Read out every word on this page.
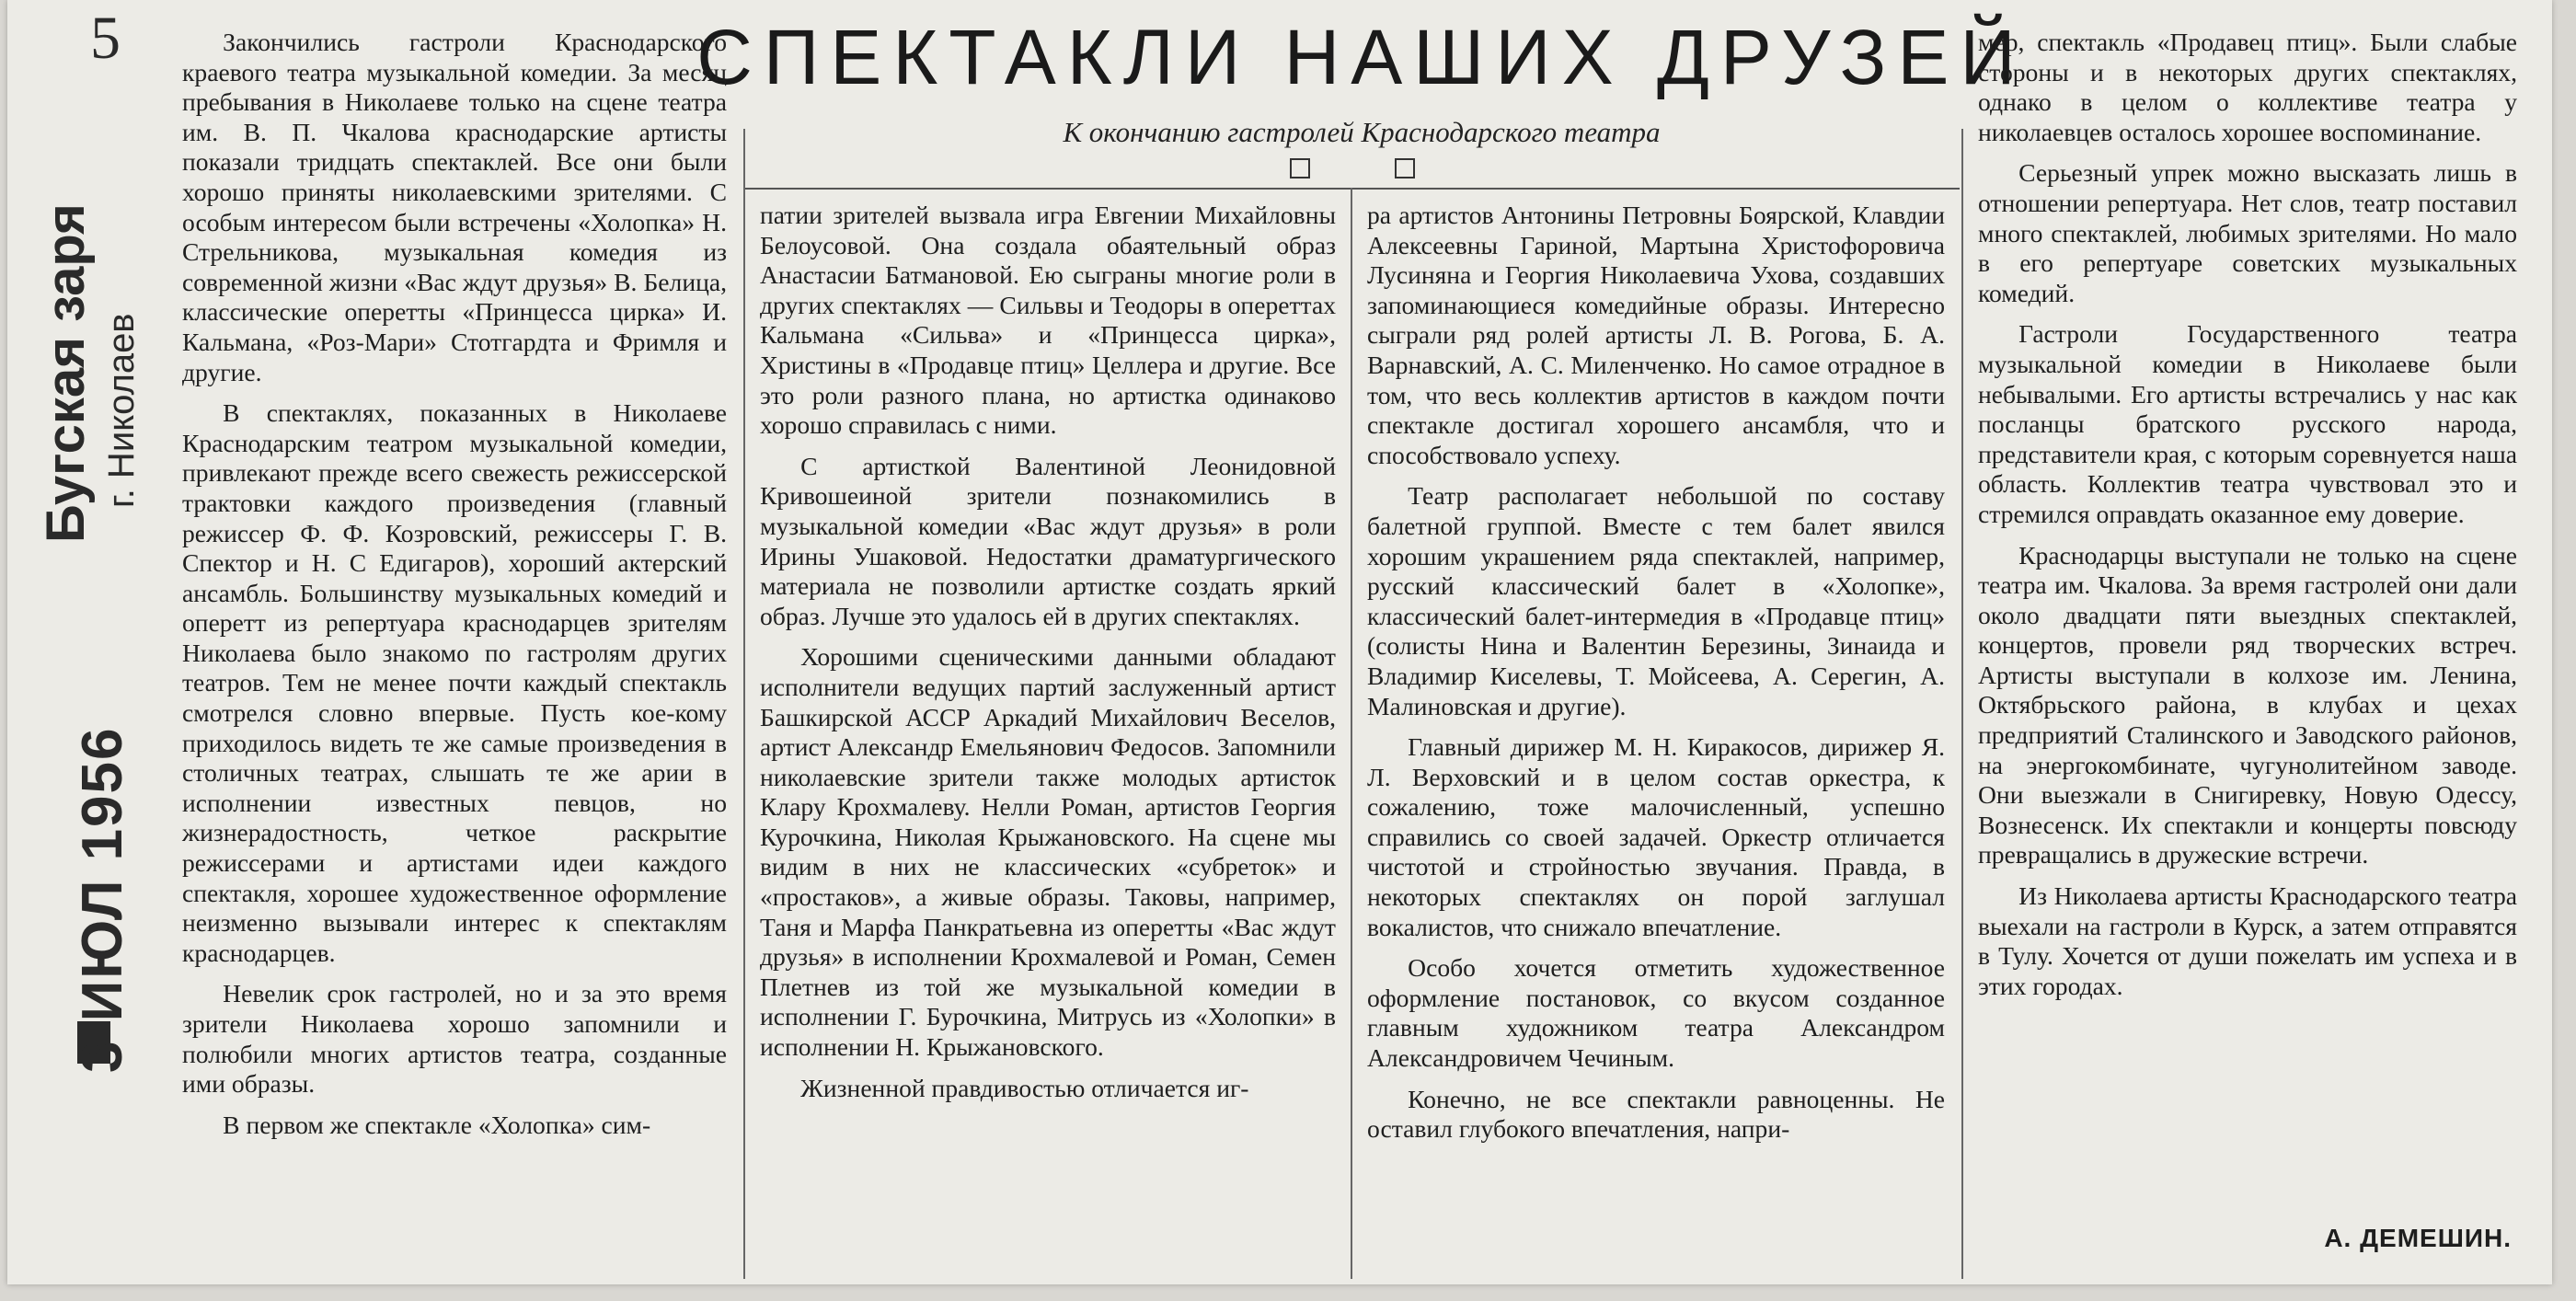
5
Бугская заря г. Николаев
3 ИЮЛ 1956
СПЕКТАКЛИ НАШИХ ДРУЗЕЙ
К окончанию гастролей Краснодарского театра

Закончились гастроли Краснодарского краевого театра музыкальной комедии. За месяц пребывания в Николаеве только на сцене театра им. В. П. Чкалова краснодарские артисты показали тридцать спектаклей. Все они были хорошо приняты николаевскими зрителями. С особым интересом были встречены «Холопка» Н. Стрельникова, музыкальная комедия из современной жизни «Вас ждут друзья» В. Белица, классические оперетты «Принцесса цирка» И. Кальмана, «Роз-Мари» Стотгардта и Фримля и другие.

В спектаклях, показанных в Николаеве Краснодарским театром музыкальной комедии, привлекают прежде всего свежесть режиссерской трактовки каждого произведения (главный режиссер Ф. Ф. Козровский, режиссеры Г. В. Спектор и Н. С Едигаров), хороший актерский ансамбль. Большинству музыкальных комедий и оперетт из репертуара краснодарцев зрителям Николаева было знакомо по гастролям других театров. Тем не менее почти каждый спектакль смотрелся словно впервые. Пусть кое-кому приходилось видеть те же самые произведения в столичных театрах, слышать те же арии в исполнении известных певцов, но жизнерадостность, четкое раскрытие режиссерами и артистами идеи каждого спектакля, хорошее художественное оформление неизменно вызывали интерес к спектаклям краснодарцев.

Невелик срок гастролей, но и за это время зрители Николаева хорошо запомнили и полюбили многих артистов театра, созданные ими образы.

В первом же спектакле «Холопка» сим-

патии зрителей вызвала игра Евгении Михайловны Белоусовой. Она создала обаятельный образ Анастасии Батмановой. Ею сыграны многие роли в других спектаклях — Сильвы и Теодоры в опереттах Кальмана «Сильва» и «Принцесса цирка», Христины в «Продавце птиц» Целлера и другие. Все это роли разного плана, но артистка одинаково хорошо справилась с ними.

С артисткой Валентиной Леонидовной Кривошеиной зрители познакомились в музыкальной комедии «Вас ждут друзья» в роли Ирины Ушаковой. Недостатки драматургического материала не позволили артистке создать яркий образ. Лучше это удалось ей в других спектаклях.

Хорошими сценическими данными обладают исполнители ведущих партий заслуженный артист Башкирской АССР Аркадий Михайлович Веселов, артист Александр Емельянович Федосов. Запомнили николаевские зрители также молодых артисток Клару Крохмалеву. Нелли Роман, артистов Георгия Курочкина, Николая Крыжановского. На сцене мы видим в них не классических «субреток» и «простаков», а живые образы. Таковы, например, Таня и Марфа Панкратьевна из оперетты «Вас ждут друзья» в исполнении Крохмалевой и Роман, Семен Плетнев из той же музыкальной комедии в исполнении Г. Бурочкина, Митрусь из «Холопки» в исполнении Н. Крыжановского.

Жизненной правдивостью отличается иг-

ра артистов Антонины Петровны Боярской, Клавдии Алексеевны Гариной, Мартына Христофоровича Лусиняна и Георгия Николаевича Ухова, создавших запоминающиеся комедийные образы. Интересно сыграли ряд ролей артисты Л. В. Рогова, Б. А. Варнавский, А. С. Миленченко. Но самое отрадное в том, что весь коллектив артистов в каждом почти спектакле достигал хорошего ансамбля, что и способствовало успеху.

Театр располагает небольшой по составу балетной группой. Вместе с тем балет явился хорошим украшением ряда спектаклей, например, русский классический балет в «Холопке», классический балет-интермедия в «Продавце птиц» (солисты Нина и Валентин Березины, Зинаида и Владимир Киселевы, Т. Мойсеева, А. Серегин, А. Малиновская и другие).

Главный дирижер М. Н. Киракосов, дирижер Я. Л. Верховский и в целом состав оркестра, к сожалению, тоже малочисленный, успешно справились со своей задачей. Оркестр отличается чистотой и стройностью звучания. Правда, в некоторых спектаклях он порой заглушал вокалистов, что снижало впечатление.

Особо хочется отметить художественное оформление постановок, со вкусом созданное главным художником театра Александром Александровичем Чечиным.

Конечно, не все спектакли равноценны. Не оставил глубокого впечатления, напри-

мер, спектакль «Продавец птиц». Были слабые стороны и в некоторых других спектаклях, однако в целом о коллективе театра у николаевцев осталось хорошее воспоминание.

Серьезный упрек можно высказать лишь в отношении репертуара. Нет слов, театр поставил много спектаклей, любимых зрителями. Но мало в его репертуаре советских музыкальных комедий.

Гастроли Государственного театра музыкальной комедии в Николаеве были небывалыми. Его артисты встречались у нас как посланцы братского русского народа, представители края, с которым соревнуется наша область. Коллектив театра чувствовал это и стремился оправдать оказанное ему доверие.

Краснодарцы выступали не только на сцене театра им. Чкалова. За время гастролей они дали около двадцати пяти выездных спектаклей, концертов, провели ряд творческих встреч. Артисты выступали в колхозе им. Ленина, Октябрьского района, в клубах и цехах предприятий Сталинского и Заводского районов, на энергокомбинате, чугунолитейном заводе. Они выезжали в Снигиревку, Новую Одессу, Вознесенск. Их спектакли и концерты повсюду превращались в дружеские встречи.

Из Николаева артисты Краснодарского театра выехали на гастроли в Курск, а затем отправятся в Тулу. Хочется от души пожелать им успеха и в этих городах.

А. ДЕМЕШИН.
